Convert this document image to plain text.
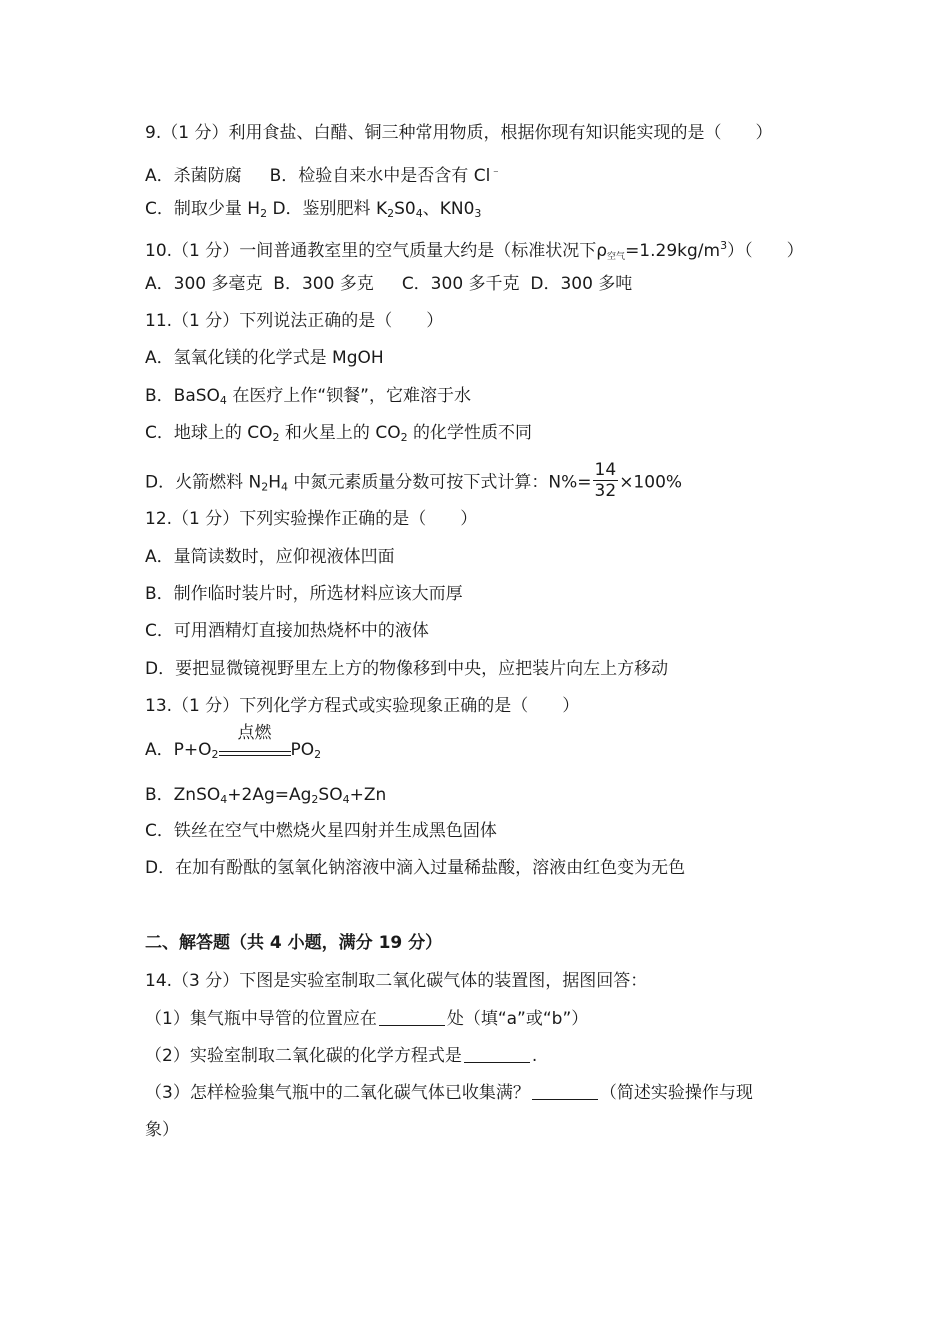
9.（1 分）利用食盐、白醋、铜三种常用物质，根据你现有知识能实现的是（　　）
A．杀菌防腐 B．检验自来水中是否含有 Cl﹣
C．制取少量 $H_2$ D．鉴别肥料 $K_2S0_4$、$KN0_3$
10.（1 分）一间普通教室里的空气质量大约是（标准状况下$\rho_{空气}=1.29kg/m^3$）（　　）
A．300 多毫克 B．300 多克 C．300 多千克 D．300 多吨
11.（1 分）下列说法正确的是（　　）
A．氢氧化镁的化学式是 MgOH
B．BaSO$_4$ 在医疗上作“钡餐”，它难溶于水
C．地球上的 $CO_2$ 和火星上的 $CO_2$ 的化学性质不同
D．火箭燃料 $N_2H_4$ 中氮元素质量分数可按下式计算：$N\%= \frac{14}{32} \times 100\%$
12.（1 分）下列实验操作正确的是（　　）
A．量筒读数时，应仰视液体凹面
B．制作临时装片时，所选材料应该大而厚
C．可用酒精灯直接加热烧杯中的液体
D．要把显微镜视野里左上方的物像移到中央，应把装片向左上方移动
13.（1 分）下列化学方程式或实验现象正确的是（　　）
A．$P+O_2$
点燃
$PO_2$
B．$ZnSO_4+2Ag=Ag_2SO_4+Zn$
C．铁丝在空气中燃烧火星四射并生成黑色固体
D．在加有酚酞的氢氧化钠溶液中滴入过量稀盐酸，溶液由红色变为无色
二、解答题（共 4 小题，满分 19 分）
14.（3 分）下图是实验室制取二氧化碳气体的装置图，据图回答：
（1）集气瓶中导管的位置应在	处（填“a”或“b”）
（2）实验室制取二氧化碳的化学方程式是	.
（3）怎样检验集气瓶中的二氧化碳气体已收集满？	（简述实验操作与现
象）
